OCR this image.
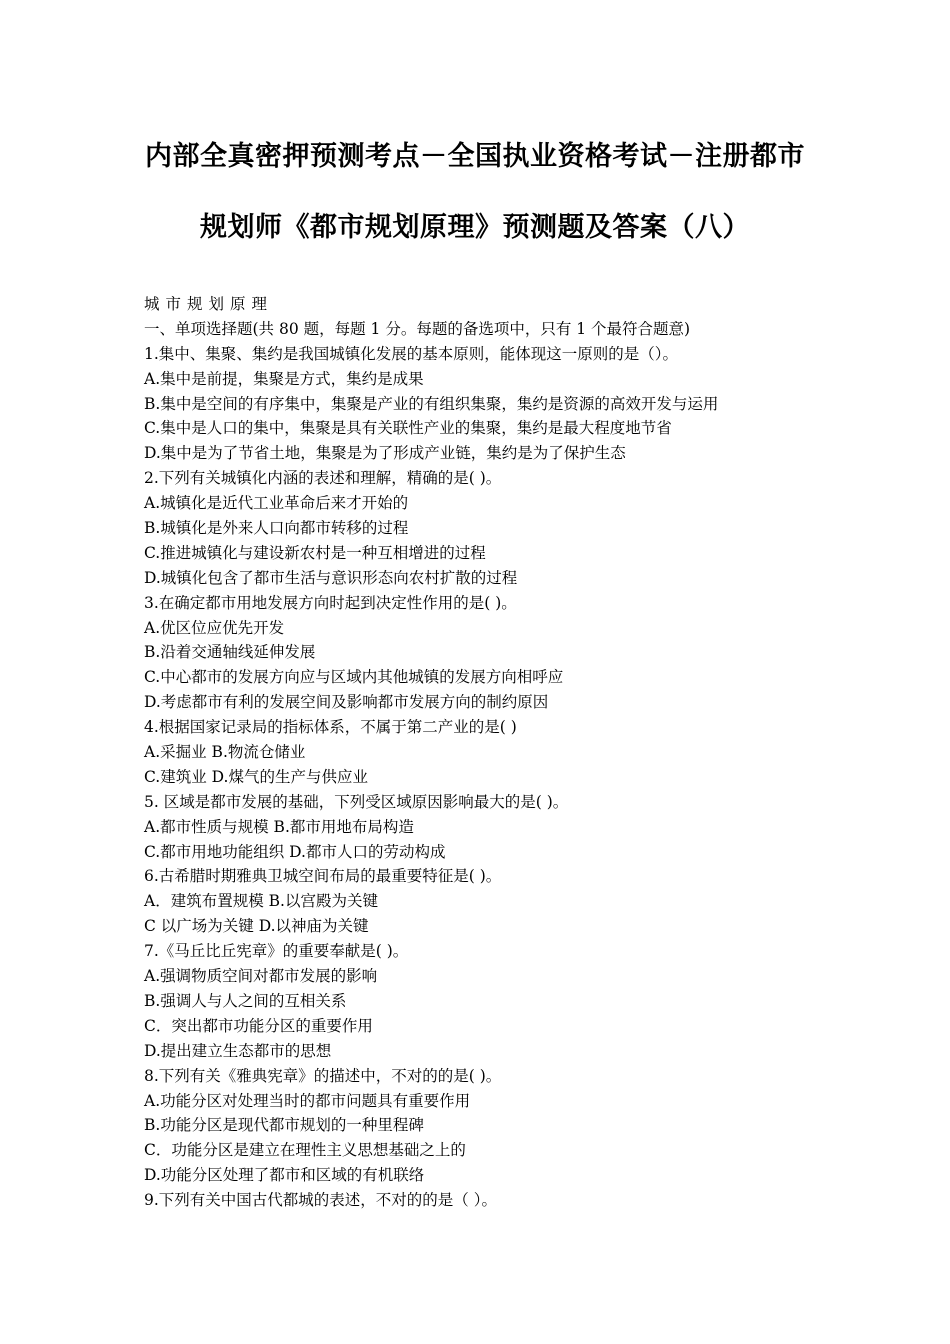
内部全真密押预测考点－全国执业资格考试－注册都市
规划师《都市规划原理》预测题及答案（八）
城市规划原理
一、单项选择题(共 80 题，每题 1 分。每题的备选项中，只有 1 个最符合题意)
1.集中、集聚、集约是我国城镇化发展的基本原则，能体现这一原则的是（）。
A.集中是前提，集聚是方式，集约是成果
B.集中是空间的有序集中，集聚是产业的有组织集聚，集约是资源的高效开发与运用
C.集中是人口的集中，集聚是具有关联性产业的集聚，集约是最大程度地节省
D.集中是为了节省土地，集聚是为了形成产业链，集约是为了保护生态
2.下列有关城镇化内涵的表述和理解，精确的是( )。
A.城镇化是近代工业革命后来才开始的
B.城镇化是外来人口向都市转移的过程
C.推进城镇化与建设新农村是一种互相增进的过程
D.城镇化包含了都市生活与意识形态向农村扩散的过程
3.在确定都市用地发展方向时起到决定性作用的是( )。
A.优区位应优先开发
B.沿着交通轴线延伸发展
C.中心都市的发展方向应与区域内其他城镇的发展方向相呼应
D.考虑都市有利的发展空间及影响都市发展方向的制约原因
4.根据国家记录局的指标体系，不属于第二产业的是( )
A.采掘业 B.物流仓储业
C.建筑业 D.煤气的生产与供应业
5. 区域是都市发展的基础，下列受区域原因影响最大的是( )。
A.都市性质与规模 B.都市用地布局构造
C.都市用地功能组织 D.都市人口的劳动构成
6.古希腊时期雅典卫城空间布局的最重要特征是( )。
A．建筑布置规模 B.以宫殿为关键
C 以广场为关键 D.以神庙为关键
7.《马丘比丘宪章》的重要奉献是( )。
A.强调物质空间对都市发展的影响
B.强调人与人之间的互相关系
C．突出都市功能分区的重要作用
D.提出建立生态都市的思想
8.下列有关《雅典宪章》的描述中，不对的的是( )。
A.功能分区对处理当时的都市问题具有重要作用
B.功能分区是现代都市规划的一种里程碑
C．功能分区是建立在理性主义思想基础之上的
D.功能分区处理了都市和区域的有机联络
9.下列有关中国古代都城的表述，不对的的是（ ）。
